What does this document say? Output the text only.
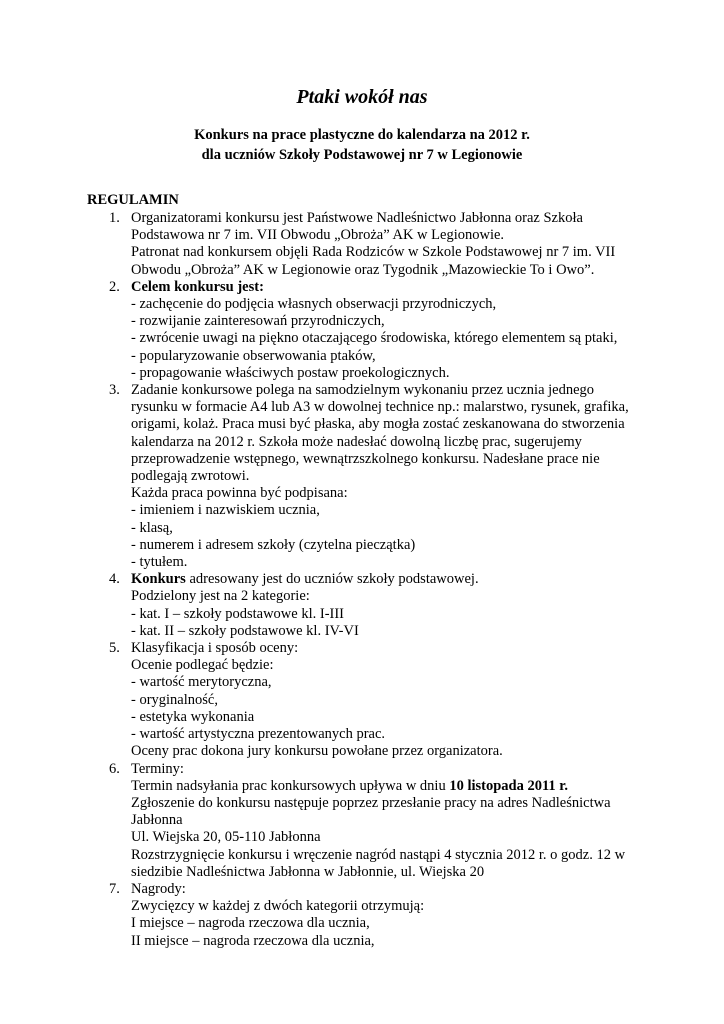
Ptaki wokół nas
Konkurs na prace plastyczne do kalendarza na 2012 r.
dla uczniów Szkoły Podstawowej nr 7 w Legionowie
REGULAMIN
1. Organizatorami konkursu jest Państwowe Nadleśnictwo Jabłonna oraz Szkoła
Podstawowa nr 7 im. VII Obwodu „Obroża” AK w Legionowie.
Patronat nad konkursem objęli Rada Rodziców w Szkole Podstawowej nr 7 im. VII
Obwodu „Obroża” AK w Legionowie oraz Tygodnik „Mazowieckie To i Owo”.
2. Celem konkursu jest:
- zachęcenie do podjęcia własnych obserwacji przyrodniczych,
- rozwijanie zainteresowań przyrodniczych,
- zwrócenie uwagi na piękno otaczającego środowiska, którego elementem są ptaki,
- popularyzowanie obserwowania ptaków,
- propagowanie właściwych postaw proekologicznych.
3. Zadanie konkursowe polega na samodzielnym wykonaniu przez ucznia jednego
rysunku w formacie A4 lub A3 w dowolnej technice np.: malarstwo, rysunek, grafika,
origami, kolaż. Praca musi być płaska, aby mogła zostać zeskanowana do stworzenia
kalendarza na 2012 r. Szkoła może nadesłać dowolną liczbę prac, sugerujemy
przeprowadzenie wstępnego, wewnątrzszkolnego konkursu. Nadesłane prace nie
podlegają zwrotowi.
Każda praca powinna być podpisana:
- imieniem i nazwiskiem ucznia,
- klasą,
- numerem i adresem szkoły (czytelna pieczątka)
- tytułem.
4. Konkurs adresowany jest do uczniów szkoły podstawowej.
Podzielony jest na 2 kategorie:
- kat. I – szkoły podstawowe kl. I-III
- kat. II – szkoły podstawowe kl. IV-VI
5. Klasyfikacja i sposób oceny:
Ocenie podlegać będzie:
- wartość merytoryczna,
- oryginalność,
- estetyka wykonania
- wartość artystyczna prezentowanych prac.
Oceny prac dokona jury konkursu powołane przez organizatora.
6. Terminy:
Termin nadsyłania prac konkursowych upływa w dniu 10 listopada 2011 r.
Zgłoszenie do konkursu następuje poprzez przesłanie pracy na adres Nadleśnictwa
Jabłonna
Ul. Wiejska 20, 05-110 Jabłonna
Rozstrzygnięcie konkursu i wręczenie nagród nastąpi 4 stycznia 2012 r. o godz. 12 w
siedzibie Nadleśnictwa Jabłonna w Jabłonnie, ul. Wiejska 20
7. Nagrody:
Zwycięzcy w każdej z dwóch kategorii otrzymują:
I miejsce – nagroda rzeczowa dla ucznia,
II miejsce – nagroda rzeczowa dla ucznia,
